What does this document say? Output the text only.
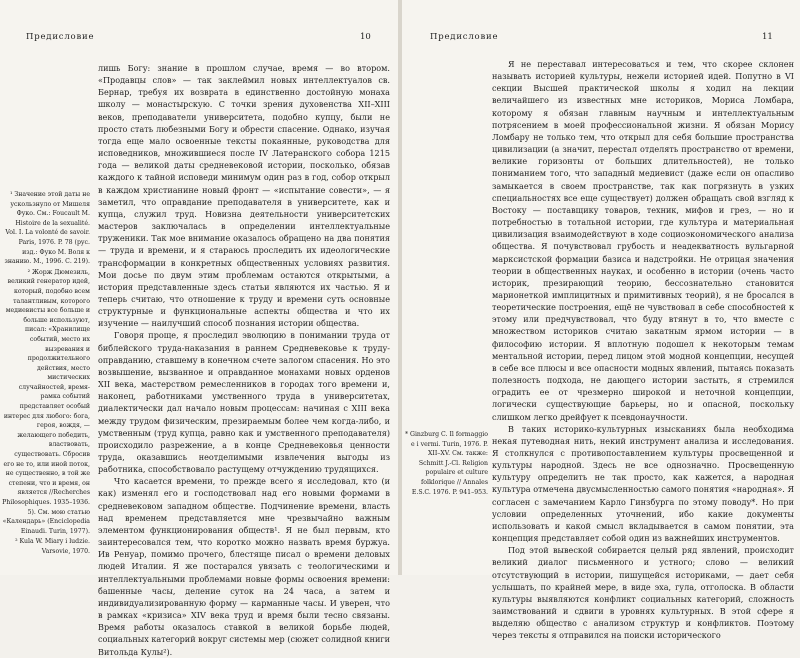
Предисловие	10

¹ Значение этой даты не ускользнуло от Мишеля Фуко. См.: Foucault M. Histoire de la sexualité. Vol. I. La volonté de savoir. Paris, 1976. P. 78 (рус. изд.: Фуко М. Воля к знанию. М., 1996. С. 219).

² Жорж Дюмезиль, великий генератор идей, который, подобно всем талантливым, которого медиевисты все больше и больше используют, писал: «Хранилище событий, место их вызревания и продолжительного действия, место мистических случайностей, время-рамка событий представляет особый интерес для любого: бога, героя, вождя, — желающего победить, властвовать, существовать. Сбросив его не то, или иной поток, не существенно, в той же степени, что и время, он является //Recherches Philosophiques. 1935–1936. 5). См. мою статью «Календарь» (Enciclopedia Einaudi. Turin, 1977).

² Kula W. Miary i ludzie. Varsovie, 1970.

лишь Богу: знание в прошлом случае, время — во втором. «Продавцы слов» — так заклеймил новых интеллектуалов св. Бернар, требуя их возврата в единственно достойную монаха школу — монастырскую. С точки зрения духовенства XII–XIII веков, преподаватели университета, подобно купцу, были не просто стать любезными Богу и обрести спасение. Однако, изучая тогда еще мало освоенные тексты покаянные, руководства для исповедников, множившиеся после IV Латеранского собора 1215 года — великой даты средневековой истории, посколько, обязав каждого к тайной исповеди минимум один раз в год, собор открыл в каждом христианине новый фронт — «испытание совести», — я заметил, что оправдание преподавателя в университете, как и купца, служил труд. Новизна деятельности университетских мастеров заключалась в определении интеллектуальные труженики. Так мое внимание оказалось обращено на два понятия — труда и времени, и я стараюсь проследить их идеологические трансформации в конкретных общественных условиях развития. Мои досье по двум этим проблемам остаются открытыми, а история представленные здесь статьи являются их частью. Я и теперь считаю, что отношение к труду и времени суть основные структурные и функциональные аспекты общества и что их изучение — наилучший способ познания истории общества.

Говоря проще, я проследил эволюцию в понимании труда от библейского труда-наказания в раннем Средневековье к труду-оправданию, ставшему в конечном счете залогом спасения. Но это возвышение, вызванное и оправданное монахами новых орденов XII века, мастерством ремесленников в городах того времени и, наконец, работниками умственного труда в университетах, диалектически дал начало новым процессам: начиная с XIII века между трудом физическим, презираемым более чем когда-либо, и умственным (труд купца, равно как и умственного преподавателя) происходило разрежение, а в конце Средневековья ценности труда, оказавшись неотделимыми извлечения выгоды из работника, способствовало растущему отчуждению трудящихся.

Что касается времени, то прежде всего я исследовал, кто (и как) изменял его и господствовал над его новыми формами в средневековом западном обществе. Подчинение времени, власть над временем представляется мне чрезвычайно важным элементом функционирования обществ¹. Я не был первым, кто заинтересовался тем, что коротко можно назвать время буржуа. Ив Ренуар, помимо прочего, блестяще писал о времени деловых людей Италии. Я же постарался увязать с теологическими и интеллектуальными проблемами новые формы освоения времени: башенные часы, деление суток на 24 часа, а затем и индивидуализированную форму — карманные часы. И уверен, что в рамках «кризиса» XIV века труд и время были тесно связаны. Время работы оказалось ставкой в великой борьбе людей, социальных категорий вокруг системы мер (сюжет солидной книги Витольда Кулы²).

Предисловие	11

* Ginzburg C. Il formaggio e i vermi. Turin, 1976. P. XII–XV. См. также: Schmitt J.-Cl. Religion populaire et culture folklorique // Annales E.S.C. 1976. P. 941–953.

Я не переставал интересоваться и тем, что скорее склонен называть историей культуры, нежели историей идей. Попутно в VI секции Высшей практической школы я ходил на лекции величайшего из известных мне историков, Мориса Ломбара, которому я обязан главным научным и интеллектуальным потрясением в моей профессиональной жизни. Я обязан Морису Ломбару не только тем, что открыл для себя большие пространства цивилизации (а значит, перестал отделять пространство от времени, великие горизонты от больших длительностей), не только пониманием того, что западный медиевист (даже если он опасливо замыкается в своем пространстве, так как погрязнуть в узких специальностях все еще существует) должен обращать свой взгляд к Востоку — поставщику товаров, техник, мифов и грез, — но и потребностью в тотальной истории, где культура и материальная цивилизация взаимодействуют в ходе социоэкономического анализа общества. Я почувствовал грубость и неадекватность вульгарной марксистской формации базиса и надстройки. Не отрицая значения теории в общественных науках, и особенно в истории (очень часто историк, презирающий теорию, бессознательно становится марионеткой имплицитных и примитивных теорий), я не бросался в теоретические построения, ещё не чувствовал в себе способностей к этому или предчувствовал, что буду втянут в то, что вместе с множеством историков считаю закатным ярмом истории — в философию истории. Я вплотную подошел к некоторым темам ментальной истории, перед лицом этой модной концепции, несущей в себе все плюсы и все опасности модных явлений, пытаясь показать полезность подхода, не дающего истории застыть, я стремился оградить ее от чрезмерно широкой и неточной концепции, логически существующие барьеры, но и опасной, поскольку слишком легко дрейфует к псевдонаучности.

В таких историко-культурных изысканиях была необходима некая путеводная нить, некий инструмент анализа и исследования. Я столкнулся с противопоставлением культуры просвещенной и культуры народной. Здесь не все однозначно. Просвещенную культуру определить не так просто, как кажется, а народная культура отмечена двусмысленностью самого понятия «народная». Я согласен с замечанием Карло Гинзбурга по этому поводу*. Но при условии определенных уточнений, ибо какие документы использовать и какой смысл вкладывается в самом понятии, эта концепция представляет собой один из важнейших инструментов.

Под этой вывеской собирается целый ряд явлений, происходит великий диалог письменного и устного; слово — великий отсутствующий в истории, пишущейся историками, — дает себя услышать, по крайней мере, в виде эха, гула, отголоска. В области культуры выявляются конфликт социальных категорий, сложность заимствований и сдвиги в уровнях культурных. В этой сфере я выделяю общество с анализом структур и конфликтов. Поэтому через тексты я отправился на поиски исторического
